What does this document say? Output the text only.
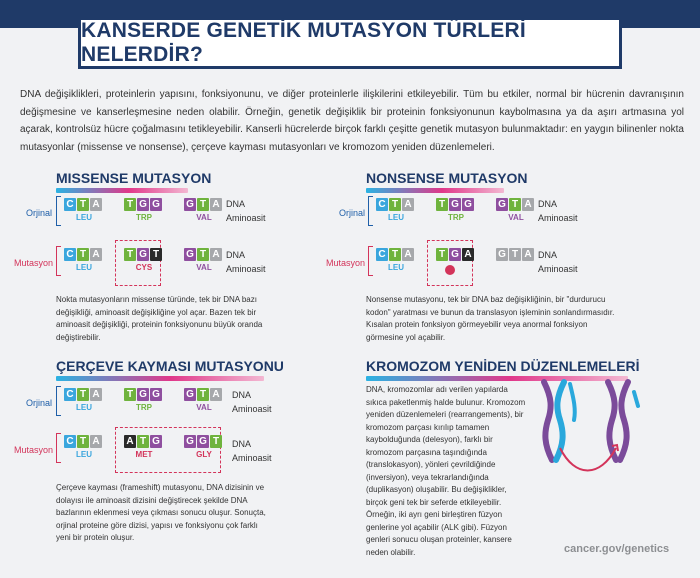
KANSERDE GENETİK MUTASYON TÜRLERİ NELERDİR?

DNA değişiklikleri, proteinlerin yapısını, fonksiyonunu, ve diğer proteinlerle ilişkilerini etkileyebilir. Tüm bu etkiler, normal bir hücrenin davranışının değişmesine ve kanserleşmesine neden olabilir. Örneğin, genetik değişiklik bir proteinin fonksiyonunun kaybolmasına ya da aşırı artmasına yol açarak, kontrolsüz hücre çoğalmasını tetikleyebilir. Kanserli hücrelerde birçok farklı çeşitte genetik mutasyon bulunmaktadır: en yaygın bilinenler nokta mutasyonlar (missense ve nonsense), çerçeve kayması mutasyonları ve kromozom yeniden düzenlemeleri.

MISSENSE MUTASYON
Orjinal
DNA
Aminoasit
Mutasyon
DNA
Aminoasit

Nokta mutasyonların missense türünde, tek bir DNA bazı değişikliği, aminoasit değişikliğine yol açar. Bazen tek bir aminoasit değişikliği, proteinin fonksiyonunu büyük oranda değiştirebilir.

NONSENSE MUTASYON
Orjinal
DNA
Aminoasit
Mutasyon
DNA
Aminoasit

Nonsense mutasyonu, tek bir DNA baz değişikliğinin, bir "durdurucu kodon" yaratması ve bunun da translasyon işleminin sonlandırmasıdır. Kısalan protein fonksiyon görmeyebilir veya anormal fonksiyon görmesine yol açabilir.

ÇERÇEVE KAYMASI MUTASYONU
Orjinal
DNA
Aminoasit
Mutasyon
DNA
Aminoasit

Çerçeve kayması (frameshift) mutasyonu, DNA dizisinin ve dolayısı ile aminoasit dizisini değiştirecek şekilde DNA bazlarının eklenmesi veya çıkması sonucu oluşur. Sonuçta, orjinal proteine göre dizisi, yapısı ve fonksiyonu çok farklı yeni bir protein oluşur.

KROMOZOM YENİDEN DÜZENLEMELERİ

DNA, kromozomlar adı verilen yapılarda sıkıca paketlenmiş halde bulunur. Kromozom yeniden düzenlemeleri (rearrangements), bir kromozom parçası kırılıp tamamen kaybolduğunda (delesyon), farklı bir kromozom parçasına taşındığında (translokasyon), yönleri çevrildiğinde (inversiyon), veya tekrarlandığında (duplikasyon) oluşabilir. Bu değişiklikler, birçok geni tek bir seferde etkileyebilir. Örneğin, iki ayrı geni birleştiren füzyon genlerine yol açabilir (ALK gibi). Füzyon genleri sonucu oluşan proteinler, kansere neden olabilir.	cancer.gov/genetics
C T A
LEU
T G G
TRP
G T A
VAL
C T A
LEU
T G T
CYS
G T A
VAL
C T A
LEU
T G G
TRP
G T A
VAL
C T A
LEU
T G A	G T A
C T A
LEU
T G G
TRP
G T A
VAL
C T A
LEU
A T G
MET
G G T
GLY
